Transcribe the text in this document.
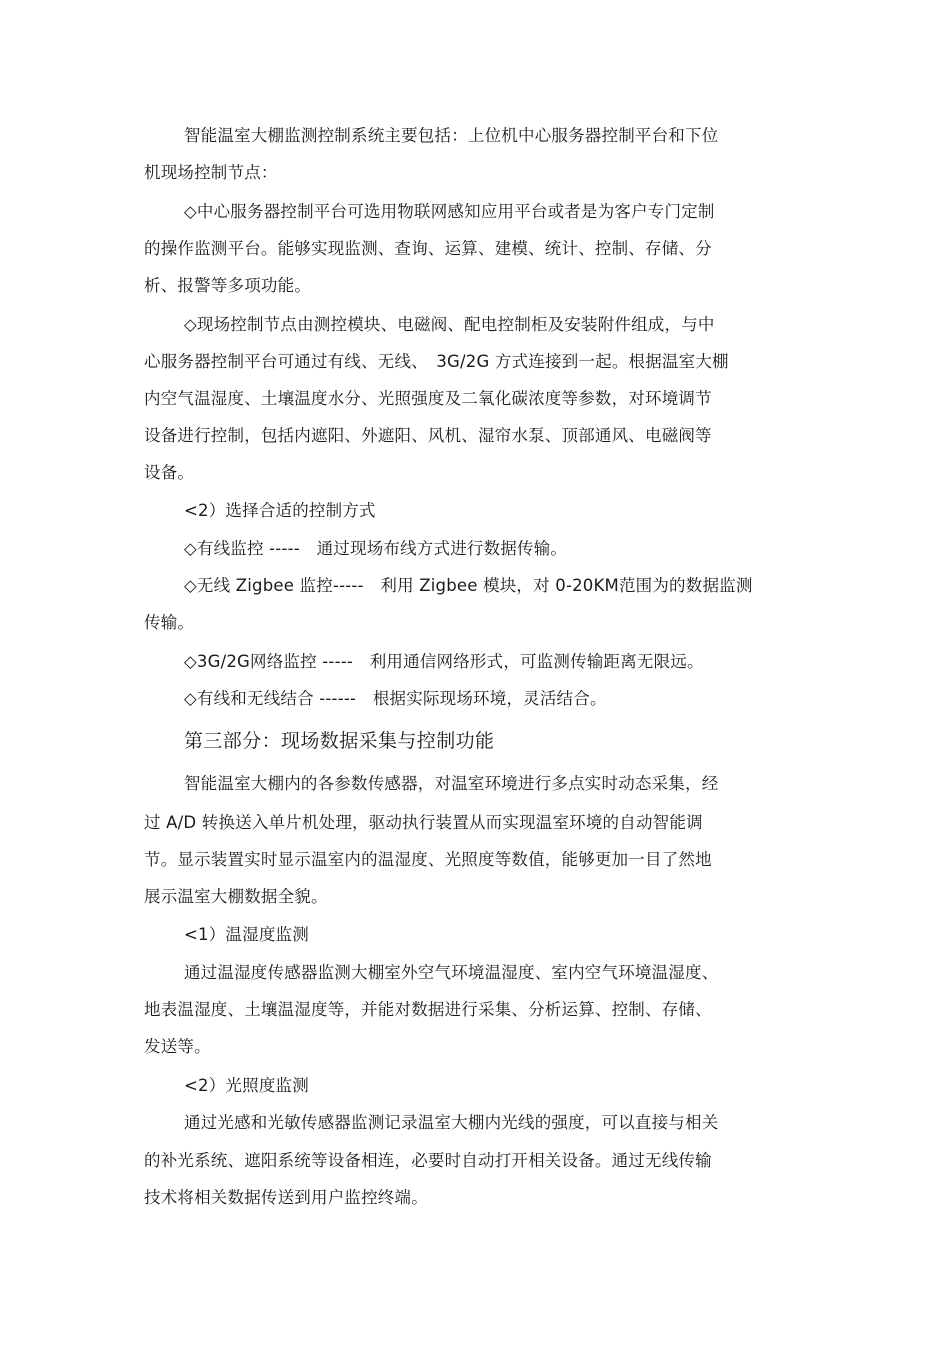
智能温室大棚监测控制系统主要包括：上位机中心服务器控制平台和下位
机现场控制节点：
◇中心服务器控制平台可选用物联网感知应用平台或者是为客户专门定制
的操作监测平台。能够实现监测、查询、运算、建模、统计、控制、存储、分
析、报警等多项功能。
◇现场控制节点由测控模块、电磁阀、配电控制柜及安装附件组成，与中
心服务器控制平台可通过有线、无线、　3G/2G 方式连接到一起。根据温室大棚
内空气温湿度、土壤温度水分、光照强度及二氧化碳浓度等参数，对环境调节
设备进行控制，包括内遮阳、外遮阳、风机、湿帘水泵、顶部通风、电磁阀等
设备。
<2）选择合适的控制方式
◇有线监控 -----　通过现场布线方式进行数据传输。
◇无线 Zigbee 监控-----　利用 Zigbee 模块，对 0-20KM范围为的数据监测
传输。
◇3G/2G网络监控 -----　利用通信网络形式，可监测传输距离无限远。
◇有线和无线结合 ------　根据实际现场环境，灵活结合。
第三部分：现场数据采集与控制功能
智能温室大棚内的各参数传感器，对温室环境进行多点实时动态采集，经
过 A/D 转换送入单片机处理，驱动执行装置从而实现温室环境的自动智能调
节。显示装置实时显示温室内的温湿度、光照度等数值，能够更加一目了然地
展示温室大棚数据全貌。
<1）温湿度监测
通过温湿度传感器监测大棚室外空气环境温湿度、室内空气环境温湿度、
地表温湿度、土壤温湿度等，并能对数据进行采集、分析运算、控制、存储、
发送等。
<2）光照度监测
通过光感和光敏传感器监测记录温室大棚内光线的强度，可以直接与相关
的补光系统、遮阳系统等设备相连，必要时自动打开相关设备。通过无线传输
技术将相关数据传送到用户监控终端。
